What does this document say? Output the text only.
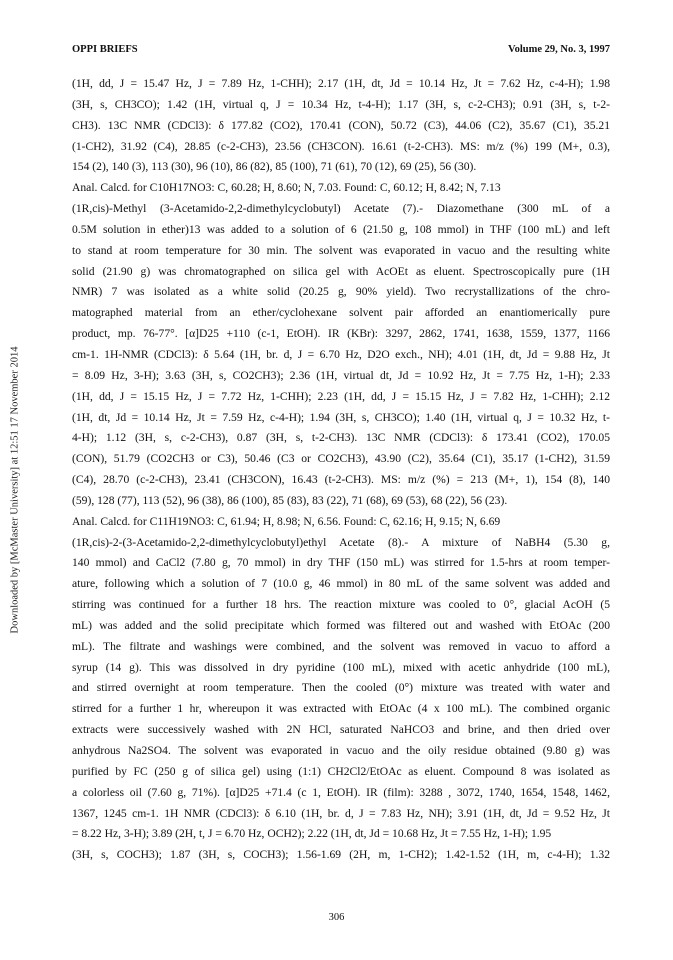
OPPI BRIEFS	Volume 29, No. 3, 1997
Downloaded by [McMaster University] at 12:51 17 November 2014

(1H, dd, J = 15.47 Hz, J = 7.89 Hz, 1-CHH); 2.17 (1H, dt, Jd = 10.14 Hz, Jt = 7.62 Hz, c-4-H); 1.98

(3H, s, CH3CO); 1.42 (1H, virtual q, J = 10.34 Hz, t-4-H); 1.17 (3H, s, c-2-CH3); 0.91 (3H, s, t-2-

CH3). 13C NMR (CDCl3): δ 177.82 (CO2), 170.41 (CON), 50.72 (C3), 44.06 (C2), 35.67 (C1), 35.21

(1-CH2), 31.92 (C4), 28.85 (c-2-CH3), 23.56 (CH3CON). 16.61 (t-2-CH3). MS: m/z (%) 199 (M+, 0.3),

154 (2), 140 (3), 113 (30), 96 (10), 86 (82), 85 (100), 71 (61), 70 (12), 69 (25), 56 (30).

Anal. Calcd. for C10H17NO3: C, 60.28; H, 8.60; N, 7.03. Found: C, 60.12; H, 8.42; N, 7.13

(1R,cis)-Methyl (3-Acetamido-2,2-dimethylcyclobutyl) Acetate (7).- Diazomethane (300 mL of a

0.5M solution in ether)13 was added to a solution of 6 (21.50 g, 108 mmol) in THF (100 mL) and left

to stand at room temperature for 30 min. The solvent was evaporated in vacuo and the resulting white

solid (21.90 g) was chromatographed on silica gel with AcOEt as eluent. Spectroscopically pure (1H

NMR) 7 was isolated as a white solid (20.25 g, 90% yield). Two recrystallizations of the chro-

matographed material from an ether/cyclohexane solvent pair afforded an enantiomerically pure

product, mp. 76-77°. [α]D25 +110 (c-1, EtOH). IR (KBr): 3297, 2862, 1741, 1638, 1559, 1377, 1166

cm-1. 1H-NMR (CDCl3): δ 5.64 (1H, br. d, J = 6.70 Hz, D2O exch., NH); 4.01 (1H, dt, Jd = 9.88 Hz, Jt

= 8.09 Hz, 3-H); 3.63 (3H, s, CO2CH3); 2.36 (1H, virtual dt, Jd = 10.92 Hz, Jt = 7.75 Hz, 1-H); 2.33

(1H, dd, J = 15.15 Hz, J = 7.72 Hz, 1-CHH); 2.23 (1H, dd, J = 15.15 Hz, J = 7.82 Hz, 1-CHH); 2.12

(1H, dt, Jd = 10.14 Hz, Jt = 7.59 Hz, c-4-H); 1.94 (3H, s, CH3CO); 1.40 (1H, virtual q, J = 10.32 Hz, t-

4-H); 1.12 (3H, s, c-2-CH3), 0.87 (3H, s, t-2-CH3). 13C NMR (CDCl3): δ 173.41 (CO2), 170.05

(CON), 51.79 (CO2CH3 or C3), 50.46 (C3 or CO2CH3), 43.90 (C2), 35.64 (C1), 35.17 (1-CH2), 31.59

(C4), 28.70 (c-2-CH3), 23.41 (CH3CON), 16.43 (t-2-CH3). MS: m/z (%) = 213 (M+, 1), 154 (8), 140

(59), 128 (77), 113 (52), 96 (38), 86 (100), 85 (83), 83 (22), 71 (68), 69 (53), 68 (22), 56 (23).

Anal. Calcd. for C11H19NO3: C, 61.94; H, 8.98; N, 6.56. Found: C, 62.16; H, 9.15; N, 6.69

(1R,cis)-2-(3-Acetamido-2,2-dimethylcyclobutyl)ethyl Acetate (8).- A mixture of NaBH4 (5.30 g,

140 mmol) and CaCl2 (7.80 g, 70 mmol) in dry THF (150 mL) was stirred for 1.5-hrs at room temper-

ature, following which a solution of 7 (10.0 g, 46 mmol) in 80 mL of the same solvent was added and

stirring was continued for a further 18 hrs. The reaction mixture was cooled to 0°, glacial AcOH (5

mL) was added and the solid precipitate which formed was filtered out and washed with EtOAc (200

mL). The filtrate and washings were combined, and the solvent was removed in vacuo to afford a

syrup (14 g). This was dissolved in dry pyridine (100 mL), mixed with acetic anhydride (100 mL),

and stirred overnight at room temperature. Then the cooled (0°) mixture was treated with water and

stirred for a further 1 hr, whereupon it was extracted with EtOAc (4 x 100 mL). The combined organic

extracts were successively washed with 2N HCl, saturated NaHCO3 and brine, and then dried over

anhydrous Na2SO4. The solvent was evaporated in vacuo and the oily residue obtained (9.80 g) was

purified by FC (250 g of silica gel) using (1:1) CH2Cl2/EtOAc as eluent. Compound 8 was isolated as

a colorless oil (7.60 g, 71%). [α]D25 +71.4 (c 1, EtOH). IR (film): 3288 , 3072, 1740, 1654, 1548, 1462,

1367, 1245 cm-1. 1H NMR (CDCl3): δ 6.10 (1H, br. d, J = 7.83 Hz, NH); 3.91 (1H, dt, Jd = 9.52 Hz, Jt

= 8.22 Hz, 3-H); 3.89 (2H, t, J = 6.70 Hz, OCH2); 2.22 (1H, dt, Jd = 10.68 Hz, Jt = 7.55 Hz, 1-H); 1.95

(3H, s, COCH3); 1.87 (3H, s, COCH3); 1.56-1.69 (2H, m, 1-CH2); 1.42-1.52 (1H, m, c-4-H); 1.32

306
